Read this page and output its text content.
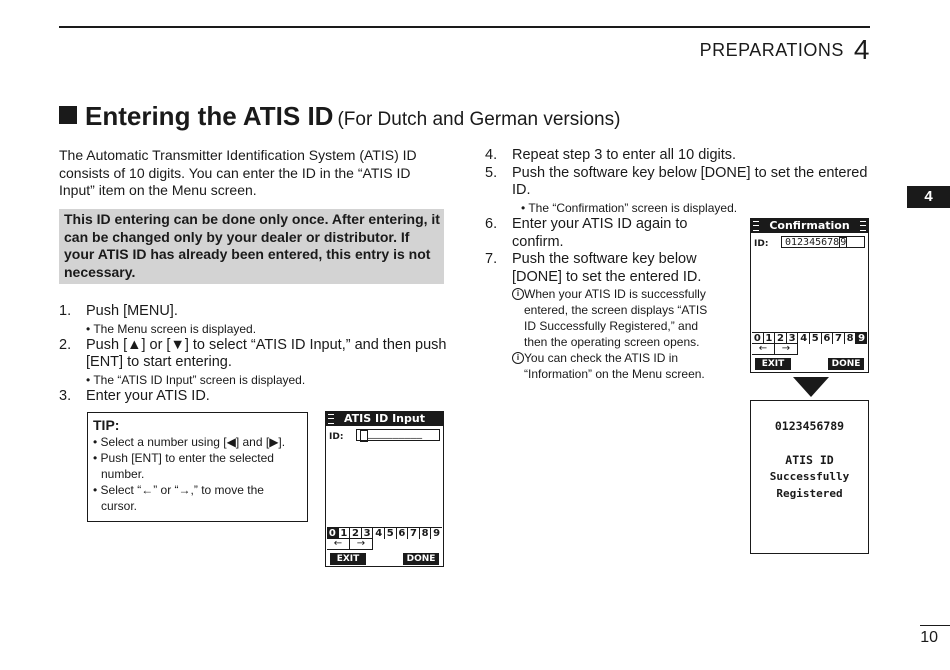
PREPARATIONS 4
4
Entering the ATIS ID (For Dutch and German versions)
The Automatic Transmitter Identification System (ATIS) ID consists of 10 digits. You can enter the ID in the “ATIS ID Input” item on the Menu screen.
This ID entering can be done only once. After entering, it can be changed only by your dealer or distributor. If your ATIS ID has already been entered, this entry is not necessary.
1. Push [MENU].
• The Menu screen is displayed.
2. Push [▲] or [▼] to select “ATIS ID Input,” and then push [ENT] to start entering.
• The “ATIS ID Input” screen is displayed.
3. Enter your ATIS ID.
TIP:
• Select a number using [◀] and [▶].
• Push [ENT] to enter the selected number.
• Select “←” or “→,” to move the cursor.
ATIS ID Input
ID:	–––––––––
0 1 2 3 4 5 6 7 8 9
←	→
EXIT	DONE
4. Repeat step 3 to enter all 10 digits.
5. Push the software key below [DONE] to set the entered ID.
• The “Confirmation” screen is displayed.
6. Enter your ATIS ID again to confirm.
7. Push the software key below [DONE] to set the entered ID.
i When your ATIS ID is successfully entered, the screen displays “ATIS ID Successfully Registered,” and then the operating screen opens.
i You can check the ATIS ID in “Information” on the Menu screen.
Confirmation
ID:	0123456789
0 1 2 3 4 5 6 7 8 9
←	→
EXIT	DONE
0123456789
ATIS ID
Successfully
Registered
10
